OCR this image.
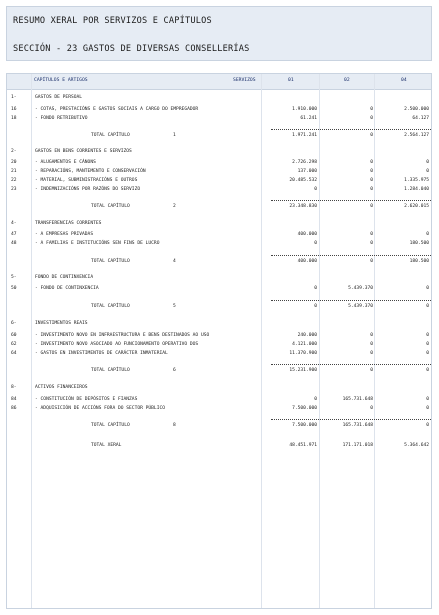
RESUMO XERAL POR SERVIZOS E CAPÍTULOS
SECCIÓN - 23 GASTOS DE DIVERSAS CONSELLERÍAS
CAPÍTULOS E ARTIGOS	SERVIZOS	01	02	04
1-	GASTOS DE PERSOAL
16	- COTAS, PRESTACIÓNS E GASTOS SOCIAIS A CARGO DO EMPREGADOR	1.910.000	0	2.500.000
18	- FONDO RETRIBUTIVO	61.241	0	64.127
TOTAL CAPÍTULO	1	1.971.241	0	2.564.127
2-	GASTOS EN BENS CORRENTES E SERVIZOS
20	- ALUGAMENTOS E CÁNONS	2.726.298	0	0
21	- REPARACIÓNS, MANTEMENTO E CONSERVACIÓN	137.000	0	0
22	- MATERIAL, SUBMINISTRACIÓNS E OUTROS	20.485.532	0	1.335.975
23	- INDEMNIZACIÓNS POR RAZÓNS DO SERVIZO	0	0	1.284.040
TOTAL CAPÍTULO	2	23.348.830	0	2.620.015
4-	TRANSFERENCIAS CORRENTES
47	- A EMPRESAS PRIVADAS	400.000	0	0
48	- A FAMILIAS E INSTITUCIÓNS SEN FINS DE LUCRO	0	0	180.500
TOTAL CAPÍTULO	4	400.000	0	180.500
5-	FONDO DE CONTINXENCIA
50	- FONDO DE CONTINXENCIA	0	5.439.370	0
TOTAL CAPÍTULO	5	0	5.439.370	0
6-	INVESTIMENTOS REAIS
60	- INVESTIMENTO NOVO EN INFRAESTRUCTURA E BENS DESTINADOS AO USO	240.000	0	0
62	- INVESTIMENTO NOVO ASOCIADO AO FUNCIONAMENTO OPERATIVO DOS	4.121.000	0	0
64	- GASTOS EN INVESTIMENTOS DE CARÁCTER INMATERIAL	11.370.900	0	0
TOTAL CAPÍTULO	6	15.231.900	0	0
8-	ACTIVOS FINANCEIROS
84	- CONSTITUCIÓN DE DEPÓSITOS E FIANZAS	0	165.731.648	0
86	- ADQUISICIÓN DE ACCIÓNS FORA DO SECTOR PÚBLICO	7.500.000	0	0
TOTAL CAPÍTULO	8	7.500.000	165.731.648	0
TOTAL XERAL	48.451.971	171.171.018	5.364.642
